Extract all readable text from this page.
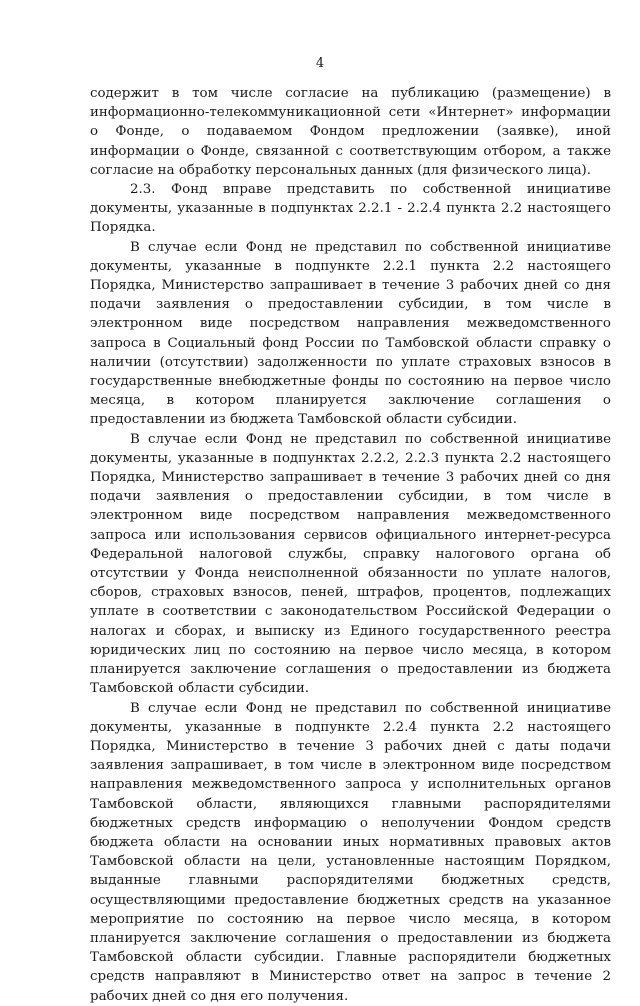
4

содержит в том числе согласие на публикацию (размещение) в информационно-телекоммуникационной сети «Интернет» информации о Фонде, о подаваемом Фондом предложении (заявке), иной информации о Фонде, связанной с соответствующим отбором, а также согласие на обработку персональных данных (для физического лица).

2.3. Фонд вправе представить по собственной инициативе документы, указанные в подпунктах 2.2.1 - 2.2.4 пункта 2.2 настоящего Порядка.

В случае если Фонд не представил по собственной инициативе документы, указанные в подпункте 2.2.1 пункта 2.2 настоящего Порядка, Министерство запрашивает в течение 3 рабочих дней со дня подачи заявления о предоставлении субсидии, в том числе в электронном виде посредством направления межведомственного запроса в Социальный фонд России по Тамбовской области справку о наличии (отсутствии) задолженности по уплате страховых взносов в государственные внебюджетные фонды по состоянию на первое число месяца, в котором планируется заключение соглашения о предоставлении из бюджета Тамбовской области субсидии.

В случае если Фонд не представил по собственной инициативе документы, указанные в подпунктах 2.2.2, 2.2.3 пункта 2.2 настоящего Порядка, Министерство запрашивает в течение 3 рабочих дней со дня подачи заявления о предоставлении субсидии, в том числе в электронном виде посредством направления межведомственного запроса или использования сервисов официального интернет-ресурса Федеральной налоговой службы, справку налогового органа об отсутствии у Фонда неисполненной обязанности по уплате налогов, сборов, страховых взносов, пеней, штрафов, процентов, подлежащих уплате в соответствии с законодательством Российской Федерации о налогах и сборах, и выписку из Единого государственного реестра юридических лиц по состоянию на первое число месяца, в котором планируется заключение соглашения о предоставлении из бюджета Тамбовской области субсидии.

В случае если Фонд не представил по собственной инициативе документы, указанные в подпункте 2.2.4 пункта 2.2 настоящего Порядка, Министерство в течение 3 рабочих дней с даты подачи заявления запрашивает, в том числе в электронном виде посредством направления межведомственного запроса у исполнительных органов Тамбовской области, являющихся главными распорядителями бюджетных средств информацию о неполучении Фондом средств бюджета области на основании иных нормативных правовых актов Тамбовской области на цели, установленные настоящим Порядком, выданные главными распорядителями бюджетных средств, осуществляющими предоставление бюджетных средств на указанное мероприятие по состоянию на первое число месяца, в котором планируется заключение соглашения о предоставлении из бюджета Тамбовской области субсидии. Главные распорядители бюджетных средств направляют в Министерство ответ на запрос в течение 2 рабочих дней со дня его получения.
